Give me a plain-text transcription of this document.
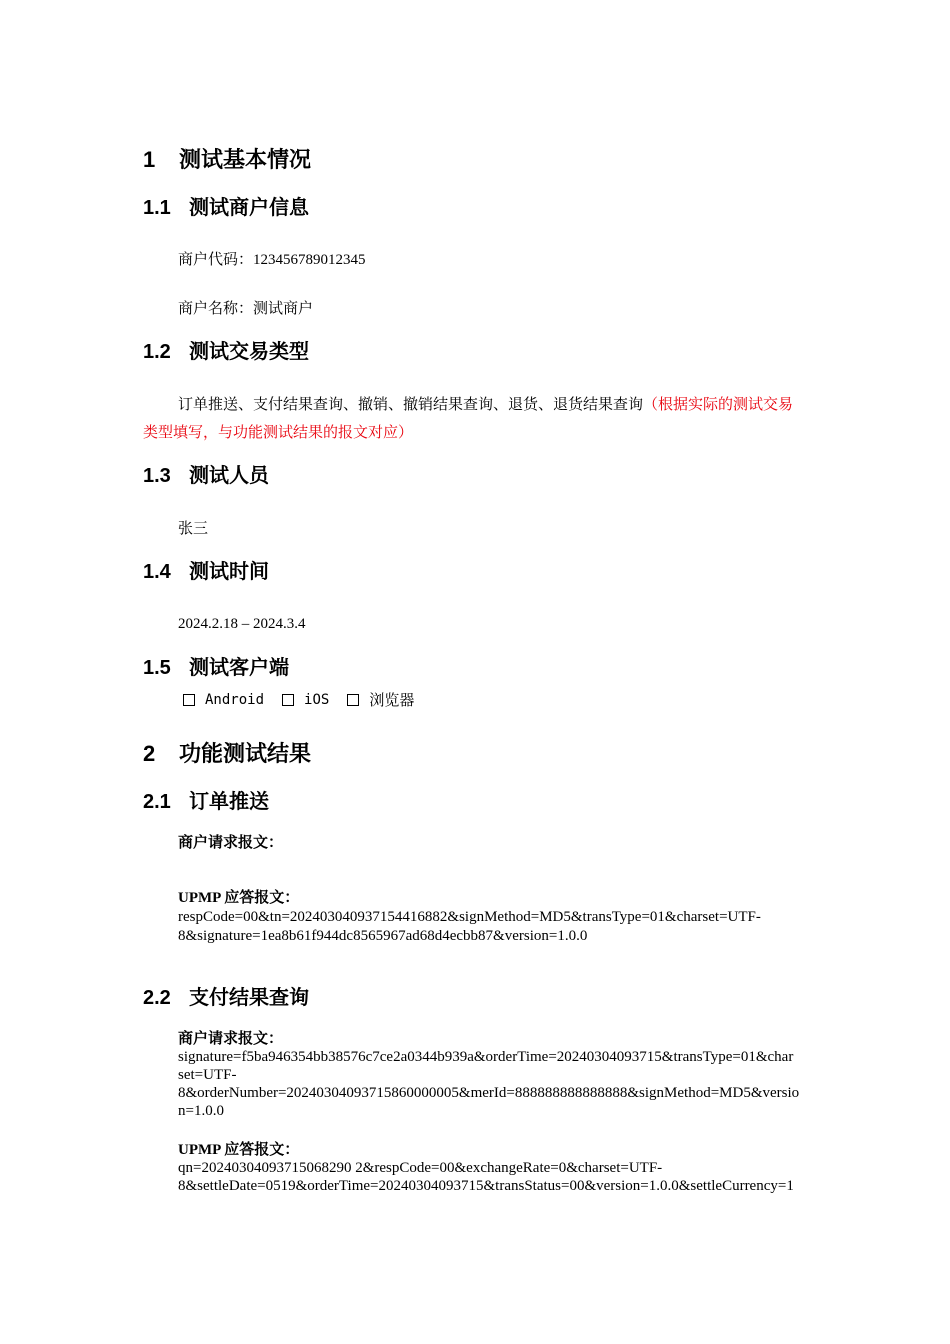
1 测试基本情况
1.1 测试商户信息
商户代码：123456789012345
商户名称：测试商户
1.2 测试交易类型
订单推送、支付结果查询、撤销、撤销结果查询、退货、退货结果查询（根据实际的测试交易
类型填写，与功能测试结果的报文对应）
1.3 测试人员
张三
1.4 测试时间
2024.2.18 – 2024.3.4
1.5 测试客户端
Android	iOS	浏览器
2 功能测试结果
2.1 订单推送
商户请求报文：
UPMP 应答报文：
respCode=00&tn=202403040937154416882&signMethod=MD5&transType=01&charset=UTF-
8&signature=1ea8b61f944dc8565967ad68d4ecbb87&version=1.0.0
2.2 支付结果查询
商户请求报文：
signature=f5ba946354bb38576c7ce2a0344b939a&orderTime=20240304093715&transType=01&char
set=UTF-
8&orderNumber=20240304093715860000005&merId=888888888888888&signMethod=MD5&versio
n=1.0.0
UPMP 应答报文：
qn=20240304093715068290 2&respCode=00&exchangeRate=0&charset=UTF-
8&settleDate=0519&orderTime=20240304093715&transStatus=00&version=1.0.0&settleCurrency=1
